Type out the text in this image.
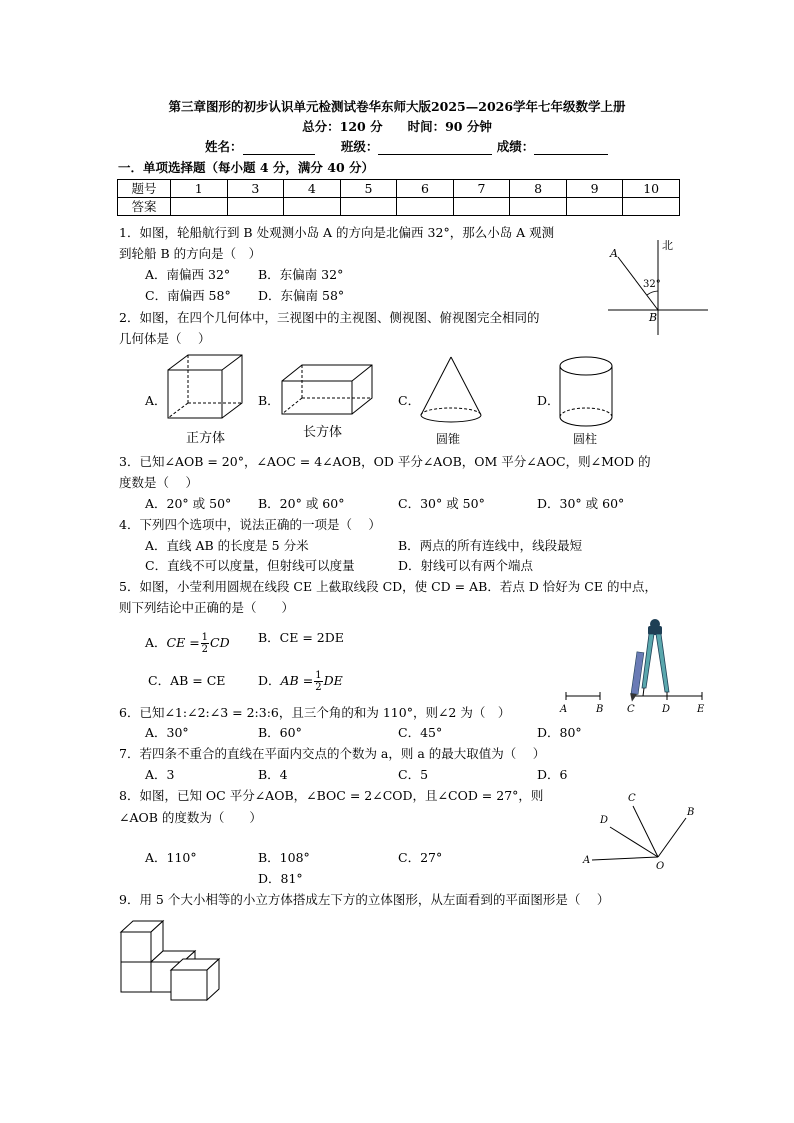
第三章图形的初步认识单元检测试卷华东师大版2025—2026学年七年级数学上册
总分：120 分　　时间：90 分钟
姓名：	班级：	成绩：
一．单项选择题（每小题 4 分，满分 40 分）
题号	1	3	4	5	6	7	8	9	10
答案									
1．如图，轮船航行到 B 处观测小岛 A 的方向是北偏西 32°，那么小岛 A 观测
到轮船 B 的方向是（　）
A．南偏西 32° B．东偏南 32°
C．南偏西 58° D．东偏南 58°
北
A
B
32°
2．如图，在四个几何体中，三视图中的主视图、侧视图、俯视图完全相同的
几何体是（　 ）
A．	B．	C．	D．
正方体	长方体	圆锥	圆柱
3．已知∠AOB = 20°，∠AOC = 4∠AOB，OD 平分∠AOB，OM 平分∠AOC，则∠MOD 的
度数是（　 ）
A．20° 或 50° B．20° 或 60°	C．30° 或 50°	D．30° 或 60°
4．下列四个选项中，说法正确的一项是（　 ）
A．直线 AB 的长度是 5 分米	B．两点的所有连线中，线段最短
C．直线不可以度量，但射线可以度量	D．射线可以有两个端点
5．如图，小莹利用圆规在线段 CE 上截取线段 CD，使 CD = AB．若点 D 恰好为 CE 的中点，
则下列结论中正确的是（　　）
A．CE = $\frac{1}{2}$ CD B．CE = 2DE
C．AB = CE	D．AB = $\frac{1}{2}$ DE
A	B C	D	E
6．已知∠1:∠2:∠3 = 2:3:6，且三个角的和为 110°，则∠2 为（　）
A．30°	B．60°	C．45°	D．80°
7．若四条不重合的直线在平面内交点的个数为 a，则 a 的最大取值为（　 ）
A．3	B．4	C．5	D．6
8．如图，已知 OC 平分∠AOB，∠BOC = 2∠COD，且∠COD = 27°，则
∠AOB 的度数为（　　）
A．110°	B．108°	C．27°
D．81°
A
D
C
B
O
9．用 5 个大小相等的小立方体搭成左下方的立体图形，从左面看到的平面图形是（　 ）
